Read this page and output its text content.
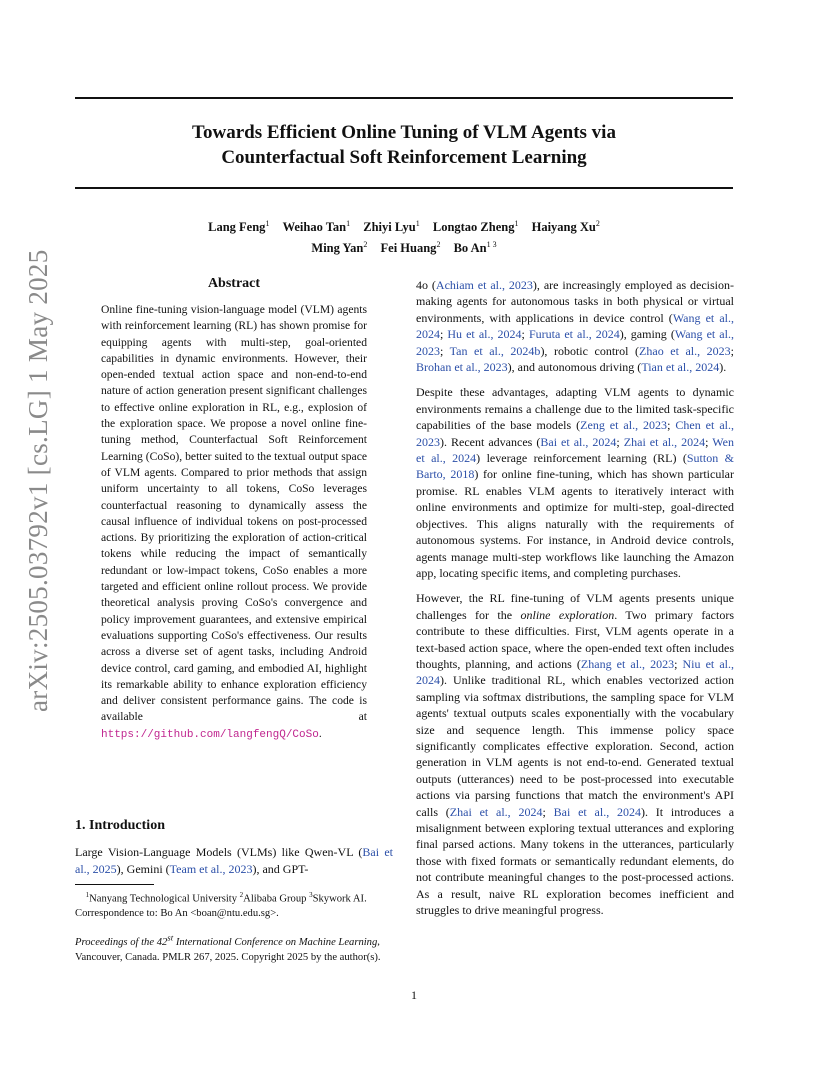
Towards Efficient Online Tuning of VLM Agents via
Counterfactual Soft Reinforcement Learning
Lang Feng$^1$ Weihao Tan$^1$ Zhiyi Lyu$^1$ Longtao Zheng$^1$ Haiyang Xu$^2$
Ming Yan$^2$ Fei Huang$^2$ Bo $An^{1 3}$
arXiv:2505.03792v1 [cs.LG] 1 May 2025	Abstract
Online fine-tuning vision-language model (VLM) agents with reinforcement learning (RL) has shown promise for equipping agents with multi-step, goal-oriented capabilities in dynamic environments. However, their open-ended textual action space and non-end-to-end nature of action generation present significant challenges to effective online exploration in RL, e.g., explosion of the exploration space. We propose a novel online fine-tuning method, Counterfactual Soft Reinforcement Learning (CoSo), better suited to the textual output space of VLM agents. Compared to prior methods that assign uniform uncertainty to all tokens, CoSo leverages counterfactual reasoning to dynamically assess the causal influence of individual tokens on post-processed actions. By prioritizing the exploration of action-critical tokens while reducing the impact of semantically redundant or low-impact tokens, CoSo enables a more targeted and efficient online rollout process. We provide theoretical analysis proving CoSo's convergence and policy improvement guarantees, and extensive empirical evaluations supporting CoSo's effectiveness. Our results across a diverse set of agent tasks, including Android device control, card gaming, and embodied AI, highlight its remarkable ability to enhance exploration efficiency and deliver consistent performance gains. The code is available at https://github.com/langfengQ/CoSo.
1. Introduction
Large Vision-Language Models (VLMs) like Qwen-VL (Bai et al., 2025), Gemini (Team et al., 2023), and GPT-
$^1$Nanyang Technological University $^2$Alibaba Group $^3$Skywork AI. Correspondence to: Bo An <boan@ntu.edu.sg>.
Proceedings of the 42st International Conference on Machine Learning, Vancouver, Canada. PMLR 267, 2025. Copyright 2025 by the author(s).

4o (Achiam et al., 2023), are increasingly employed as decision-making agents for autonomous tasks in both physical or virtual environments, with applications in device control (Wang et al., 2024; Hu et al., 2024; Furuta et al., 2024), gaming (Wang et al., 2023; Tan et al., 2024b), robotic control (Zhao et al., 2023; Brohan et al., 2023), and autonomous driving (Tian et al., 2024).

Despite these advantages, adapting VLM agents to dynamic environments remains a challenge due to the limited task-specific capabilities of the base models (Zeng et al., 2023; Chen et al., 2023). Recent advances (Bai et al., 2024; Zhai et al., 2024; Wen et al., 2024) leverage reinforcement learning (RL) (Sutton & Barto, 2018) for online fine-tuning, which has shown particular promise. RL enables VLM agents to iteratively interact with online environments and optimize for multi-step, goal-directed objectives. This aligns naturally with the requirements of autonomous systems. For instance, in Android device controls, agents manage multi-step workflows like launching the Amazon app, locating specific items, and completing purchases.

However, the RL fine-tuning of VLM agents presents unique challenges for the online exploration. Two primary factors contribute to these difficulties. First, VLM agents operate in a text-based action space, where the open-ended text often includes thoughts, planning, and actions (Zhang et al., 2023; Niu et al., 2024). Unlike traditional RL, which enables vectorized action sampling via softmax distributions, the sampling space for VLM agents' textual outputs scales exponentially with the vocabulary size and sequence length. This immense policy space significantly complicates effective exploration. Second, action generation in VLM agents is not end-to-end. Generated textual outputs (utterances) need to be post-processed into executable actions via parsing functions that match the environment's API calls (Zhai et al., 2024; Bai et al., 2024). It introduces a misalignment between exploring textual utterances and exploring final parsed actions. Many tokens in the utterances, particularly those with fixed formats or semantically redundant elements, do not contribute meaningful changes to the post-processed actions. As a result, naive RL exploration becomes inefficient and struggles to drive meaningful progress.

1
